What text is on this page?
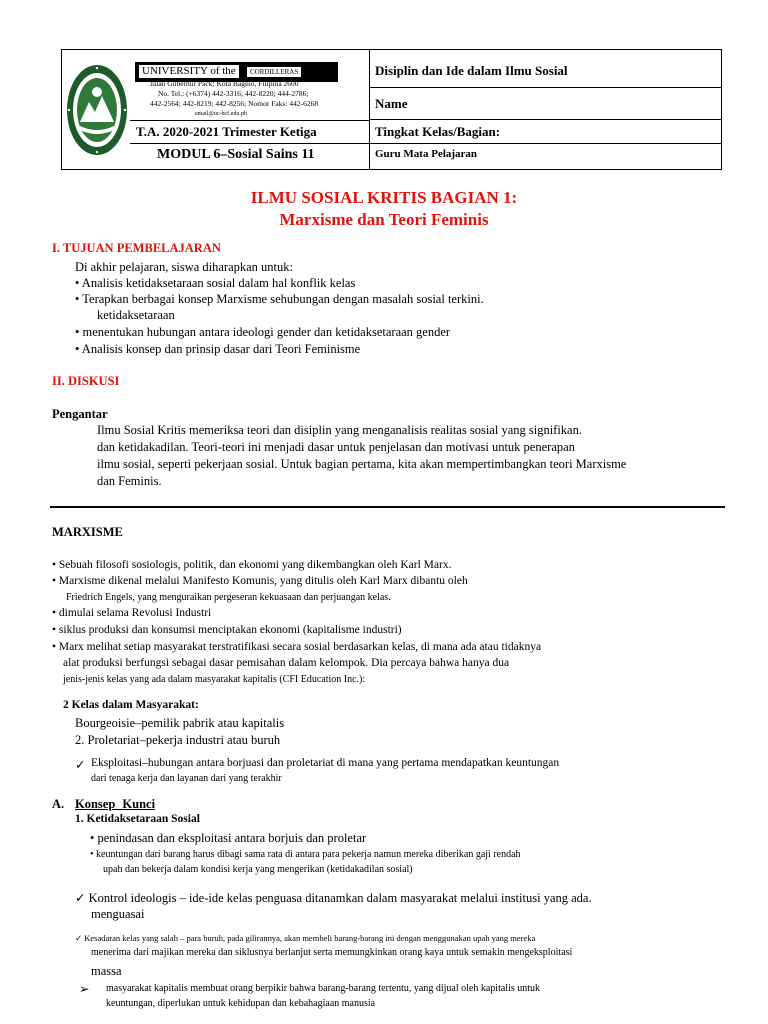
UNIVERSITY of the	CORDILLERAS
Jalan Gubernur Pack; Kota Baguio, Filipina 2600
No. Tel.: (+6374) 442-3316; 442-8220; 444-2786;
442-2564; 442-8219; 442-8256; Nomor Faks: 442-6268
email@uc-bcf.edu.ph
T.A. 2020-2021 Trimester Ketiga
MODUL 6–Sosial Sains 11
Disiplin dan Ide dalam Ilmu Sosial
Name
Tingkat Kelas/Bagian:
Guru Mata Pelajaran
ILMU SOSIAL KRITIS BAGIAN 1:
Marxisme dan Teori Feminis
I. TUJUAN PEMBELAJARAN
Di akhir pelajaran, siswa diharapkan untuk:
• Analisis ketidaksetaraan sosial dalam hal konflik kelas
• Terapkan berbagai konsep Marxisme sehubungan dengan masalah sosial terkini.
ketidaksetaraan
• menentukan hubungan antara ideologi gender dan ketidaksetaraan gender
• Analisis konsep dan prinsip dasar dari Teori Feminisme
II. DISKUSI
Pengantar
Ilmu Sosial Kritis memeriksa teori dan disiplin yang menganalisis realitas sosial yang signifikan.
dan ketidakadilan. Teori-teori ini menjadi dasar untuk penjelasan dan motivasi untuk penerapan
ilmu sosial, seperti pekerjaan sosial. Untuk bagian pertama, kita akan mempertimbangkan teori Marxisme
dan Feminis.
MARXISME
• Sebuah filosofi sosiologis, politik, dan ekonomi yang dikembangkan oleh Karl Marx.
• Marxisme dikenal melalui Manifesto Komunis, yang ditulis oleh Karl Marx dibantu oleh
Friedrich Engels, yang menguraikan pergeseran kekuasaan dan perjuangan kelas.
• dimulai selama Revolusi Industri
• siklus produksi dan konsumsi menciptakan ekonomi (kapitalisme industri)
• Marx melihat setiap masyarakat terstratifikasi secara sosial berdasarkan kelas, di mana ada atau tidaknya
alat produksi berfungsi sebagai dasar pemisahan dalam kelompok. Dia percaya bahwa hanya dua
jenis-jenis kelas yang ada dalam masyarakat kapitalis (CFI Education Inc.):
2 Kelas dalam Masyarakat:
Bourgeoisie–pemilik pabrik atau kapitalis
2. Proletariat–pekerja industri atau buruh
✓ Eksploitasi–hubungan antara borjuasi dan proletariat di mana yang pertama mendapatkan keuntungan
dari tenaga kerja dan layanan dari yang terakhir
A. Konsep Kunci
1. Ketidaksetaraan Sosial
• penindasan dan eksploitasi antara borjuis dan proletar
• keuntungan dari barang harus dibagi sama rata di antara para pekerja namun mereka diberikan gaji rendah
upah dan bekerja dalam kondisi kerja yang mengerikan (ketidakadilan sosial)
✓ Kontrol ideologis – ide-ide kelas penguasa ditanamkan dalam masyarakat melalui institusi yang ada.
menguasai
✓ Kesadaran kelas yang salah – para buruh, pada gilirannya, akan membeli barang-barang ini dengan menggunakan upah yang mereka
menerima dari majikan mereka dan siklusnya berlanjut serta memungkinkan orang kaya untuk semakin mengeksploitasi
massa
➢ masyarakat kapitalis membuat orang berpikir bahwa barang-barang tertentu, yang dijual oleh kapitalis untuk
keuntungan, diperlukan untuk kehidupan dan kebahagiaan manusia
